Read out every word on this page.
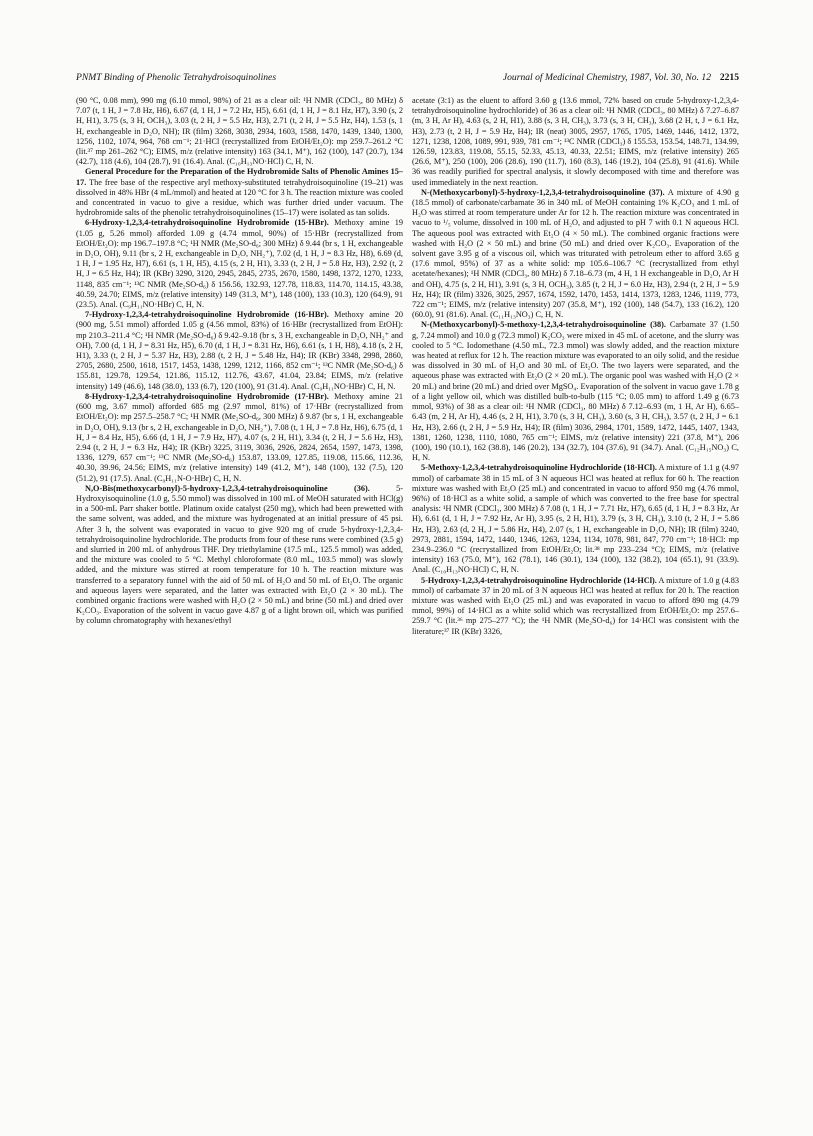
PNMT Binding of Phenolic Tetrahydroisoquinolines	Journal of Medicinal Chemistry, 1987, Vol. 30, No. 12 2215

(90 °C, 0.08 mm), 990 mg (6.10 mmol, 98%) of 21 as a clear oil: ¹H NMR (CDCl₃, 80 MHz) δ 7.07 (t, 1 H, J = 7.8 Hz, H6), 6.67 (d, 1 H, J = 7.2 Hz, H5), 6.61 (d, 1 H, J = 8.1 Hz, H7), 3.90 (s, 2 H, H1), 3.75 (s, 3 H, OCH₃), 3.03 (t, 2 H, J = 5.5 Hz, H3), 2.71 (t, 2 H, J = 5.5 Hz, H4), 1.53 (s, 1 H, exchangeable in D₂O, NH); IR (film) 3268, 3038, 2934, 1603, 1588, 1470, 1439, 1340, 1300, 1256, 1102, 1074, 964, 768 cm⁻¹; 21·HCl (recrystallized from EtOH/Et₂O): mp 259.7–261.2 °C (lit.³⁷ mp 261–262 °C); EIMS, m/z (relative intensity) 163 (34.1, M⁺), 162 (100), 147 (20.7), 134 (42.7), 118 (4.6), 104 (28.7), 91 (16.4). Anal. (C₁₀H₁₃NO·HCl) C, H, N.

General Procedure for the Preparation of the Hydrobromide Salts of Phenolic Amines 15–17. The free base of the respective aryl methoxy-substituted tetrahydroisoquinoline (19–21) was dissolved in 48% HBr (4 mL/mmol) and heated at 120 °C for 3 h. The reaction mixture was cooled and concentrated in vacuo to give a residue, which was further dried under vacuum. The hydrobromide salts of the phenolic tetrahydroisoquinolines (15–17) were isolated as tan solids.

6-Hydroxy-1,2,3,4-tetrahydroisoquinoline Hydrobromide (15·HBr). Methoxy amine 19 (1.05 g, 5.26 mmol) afforded 1.09 g (4.74 mmol, 90%) of 15·HBr (recrystallized from EtOH/Et₂O): mp 196.7–197.8 °C; ¹H NMR (Me₂SO-d₆; 300 MHz) δ 9.44 (br s, 1 H, exchangeable in D₂O, OH), 9.11 (br s, 2 H, exchangeable in D₂O, NH₂⁺), 7.02 (d, 1 H, J = 8.3 Hz, H8), 6.69 (d, 1 H, J = 1.95 Hz, H7), 6.61 (s, 1 H, H5), 4.15 (s, 2 H, H1), 3.33 (t, 2 H, J = 5.8 Hz, H3), 2.92 (t, 2 H, J = 6.5 Hz, H4); IR (KBr) 3290, 3120, 2945, 2845, 2735, 2670, 1580, 1498, 1372, 1270, 1233, 1148, 835 cm⁻¹; ¹³C NMR (Me₂SO-d₆) δ 156.56, 132.93, 127.78, 118.83, 114.70, 114.15, 43.38, 40.59, 24.70; EIMS, m/z (relative intensity) 149 (31.3, M⁺), 148 (100), 133 (10.3), 120 (64.9), 91 (23.5). Anal. (C₉H₁₁NO·HBr) C, H, N.

7-Hydroxy-1,2,3,4-tetrahydroisoquinoline Hydrobromide (16·HBr). Methoxy amine 20 (900 mg, 5.51 mmol) afforded 1.05 g (4.56 mmol, 83%) of 16·HBr (recrystallized from EtOH): mp 210.3–211.4 °C; ¹H NMR (Me₂SO-d₆) δ 9.42–9.18 (br s, 3 H, exchangeable in D₂O, NH₂⁺ and OH), 7.00 (d, 1 H, J = 8.31 Hz, H5), 6.70 (d, 1 H, J = 8.31 Hz, H6), 6.61 (s, 1 H, H8), 4.18 (s, 2 H, H1), 3.33 (t, 2 H, J = 5.37 Hz, H3), 2.88 (t, 2 H, J = 5.48 Hz, H4); IR (KBr) 3348, 2998, 2860, 2705, 2680, 2500, 1618, 1517, 1453, 1438, 1299, 1212, 1166, 852 cm⁻¹; ¹³C NMR (Me₂SO-d₆) δ 155.81, 129.78, 129.54, 121.86, 115.12, 112.76, 43.67, 41.04, 23.84; EIMS, m/z (relative intensity) 149 (46.6), 148 (38.0), 133 (6.7), 120 (100), 91 (31.4). Anal. (C₉H₁₁NO·HBr) C, H, N.

8-Hydroxy-1,2,3,4-tetrahydroisoquinoline Hydrobromide (17·HBr). Methoxy amine 21 (600 mg, 3.67 mmol) afforded 685 mg (2.97 mmol, 81%) of 17·HBr (recrystallized from EtOH/Et₂O): mp 257.5–258.7 °C; ¹H NMR (Me₂SO-d₆, 300 MHz) δ 9.87 (br s, 1 H, exchangeable in D₂O, OH), 9.13 (br s, 2 H, exchangeable in D₂O, NH₂⁺), 7.08 (t, 1 H, J = 7.8 Hz, H6), 6.75 (d, 1 H, J = 8.4 Hz, H5), 6.66 (d, 1 H, J = 7.9 Hz, H7), 4.07 (s, 2 H, H1), 3.34 (t, 2 H, J = 5.6 Hz, H3), 2.94 (t, 2 H, J = 6.3 Hz, H4); IR (KBr) 3225, 3119, 3036, 2926, 2824, 2654, 1597, 1473, 1398, 1336, 1279, 657 cm⁻¹; ¹³C NMR (Me₂SO-d₆) 153.87, 133.09, 127.85, 119.08, 115.66, 112.36, 40.30, 39.96, 24.56; EIMS, m/z (relative intensity) 149 (41.2, M⁺), 148 (100), 132 (7.5), 120 (51.2), 91 (17.5). Anal. (C₉H₁₁N-O·HBr) C, H, N.

N,O-Bis(methoxycarbonyl)-5-hydroxy-1,2,3,4-tetrahydroisoquinoline (36).	5-Hydroxyisoquinoline (1.0 g, 5.50 mmol) was dissolved in 100 mL of MeOH saturated with HCl(g) in a 500-mL Parr shaker bottle. Platinum oxide catalyst (250 mg), which had been prewetted with the same solvent, was added, and the mixture was hydrogenated at an initial pressure of 45 psi. After 3 h, the solvent was evaporated in vacuo to give 920 mg of crude 5-hydroxy-1,2,3,4-tetrahydroisoquinoline hydrochloride. The products from four of these runs were combined (3.5 g) and slurried in 200 mL of anhydrous THF. Dry triethylamine (17.5 mL, 125.5 mmol) was added, and the mixture was cooled to 5 °C. Methyl chloroformate (8.0 mL, 103.5 mmol) was slowly added, and the mixture was stirred at room temperature for 10 h. The reaction mixture was transferred to a separatory funnel with the aid of 50 mL of H₂O and 50 mL of Et₂O. The organic and aqueous layers were separated, and the latter was extracted with Et₂O (2 × 30 mL). The combined organic fractions were washed with H₂O (2 × 50 mL) and brine (50 mL) and dried over K₂CO₃. Evaporation of the solvent in vacuo gave 4.87 g of a light brown oil, which was purified by column chromatography with hexanes/ethyl

acetate (3:1) as the eluent to afford 3.60 g (13.6 mmol, 72% based on crude 5-hydroxy-1,2,3,4-tetrahydroisoquinoline hydrochloride) of 36 as a clear oil: ¹H NMR (CDCl₃, 80 MHz) δ 7.27–6.87 (m, 3 H, Ar H), 4.63 (s, 2 H, H1), 3.88 (s, 3 H, CH₃), 3.73 (s, 3 H, CH₃), 3.68 (2 H, t, J = 6.1 Hz, H3), 2.73 (t, 2 H, J = 5.9 Hz, H4); IR (neat) 3005, 2957, 1765, 1705, 1469, 1446, 1412, 1372, 1271, 1238, 1208, 1089, 991, 939, 781 cm⁻¹; ¹³C NMR (CDCl₃) δ 155.53, 153.54, 148.71, 134.99, 126.59, 123.83, 119.08, 55.15, 52.33, 45.13, 40.33, 22.51; EIMS, m/z (relative intensity) 265 (26.6, M⁺), 250 (100), 206 (28.6), 190 (11.7), 160 (8.3), 146 (19.2), 104 (25.8), 91 (41.6). While 36 was readily purified for spectral analysis, it slowly decomposed with time and therefore was used immediately in the next reaction.

N-(Methoxycarbonyl)-5-hydroxy-1,2,3,4-tetrahydroisoquinoline (37). A mixture of 4.90 g (18.5 mmol) of carbonate/carbamate 36 in 340 mL of MeOH containing 1% K₂CO₃ and 1 mL of H₂O was stirred at room temperature under Ar for 12 h. The reaction mixture was concentrated in vacuo to ¹/₅ volume, dissolved in 100 mL of H₂O, and adjusted to pH 7 with 0.1 N aqueous HCl. The aqueous pool was extracted with Et₂O (4 × 50 mL). The combined organic fractions were washed with H₂O (2 × 50 mL) and brine (50 mL) and dried over K₂CO₃. Evaporation of the solvent gave 3.95 g of a viscous oil, which was triturated with petroleum ether to afford 3.65 g (17.6 mmol, 95%) of 37 as a white solid: mp 105.6–106.7 °C (recrystallized from ethyl acetate/hexanes); ¹H NMR (CDCl₃, 80 MHz) δ 7.18–6.73 (m, 4 H, 1 H exchangeable in D₂O, Ar H and OH), 4.75 (s, 2 H, H1), 3.91 (s, 3 H, OCH₃), 3.85 (t, 2 H, J = 6.0 Hz, H3), 2.94 (t, 2 H, J = 5.9 Hz, H4); IR (film) 3326, 3025, 2957, 1674, 1592, 1470, 1453, 1414, 1373, 1283, 1246, 1119, 773, 722 cm⁻¹; EIMS, m/z (relative intensity) 207 (35.8, M⁺), 192 (100), 148 (54.7), 133 (16.2), 120 (60.0), 91 (81.6). Anal. (C₁₁H₁₃NO₃) C, H, N.

N-(Methoxycarbonyl)-5-methoxy-1,2,3,4-tetrahydroisoquinoline (38). Carbamate 37 (1.50 g, 7.24 mmol) and 10.0 g (72.3 mmol) K₂CO₃ were mixed in 45 mL of acetone, and the slurry was cooled to 5 °C. Iodomethane (4.50 mL, 72.3 mmol) was slowly added, and the reaction mixture was heated at reflux for 12 h. The reaction mixture was evaporated to an oily solid, and the residue was dissolved in 30 mL of H₂O and 30 mL of Et₂O. The two layers were separated, and the aqueous phase was extracted with Et₂O (2 × 20 mL). The organic pool was washed with H₂O (2 × 20 mL) and brine (20 mL) and dried over MgSO₄. Evaporation of the solvent in vacuo gave 1.78 g of a light yellow oil, which was distilled bulb-to-bulb (115 °C; 0.05 mm) to afford 1.49 g (6.73 mmol, 93%) of 38 as a clear oil: ¹H NMR (CDCl₃, 80 MHz) δ 7.12–6.93 (m, 1 H, Ar H), 6.65–6.43 (m, 2 H, Ar H), 4.46 (s, 2 H, H1), 3.70 (s, 3 H, CH₃), 3.60 (s, 3 H, CH₃), 3.57 (t, 2 H, J = 6.1 Hz, H3), 2.66 (t, 2 H, J = 5.9 Hz, H4); IR (film) 3036, 2984, 1701, 1589, 1472, 1445, 1407, 1343, 1381, 1260, 1238, 1110, 1080, 765 cm⁻¹; EIMS, m/z (relative intensity) 221 (37.8, M⁺), 206 (100), 190 (10.1), 162 (38.8), 146 (20.2), 134 (32.7), 104 (37.6), 91 (34.7). Anal. (C₁₂H₁₅NO₃) C, H, N.

5-Methoxy-1,2,3,4-tetrahydroisoquinoline Hydrochloride (18·HCl). A mixture of 1.1 g (4.97 mmol) of carbamate 38 in 15 mL of 3 N aqueous HCl was heated at reflux for 60 h. The reaction mixture was washed with Et₂O (25 mL) and concentrated in vacuo to afford 950 mg (4.76 mmol, 96%) of 18·HCl as a white solid, a sample of which was converted to the free base for spectral analysis: ¹H NMR (CDCl₃, 300 MHz) δ 7.08 (t, 1 H, J = 7.71 Hz, H7), 6.65 (d, 1 H, J = 8.3 Hz, Ar H), 6.61 (d, 1 H, J = 7.92 Hz, Ar H), 3.95 (s, 2 H, H1), 3.79 (s, 3 H, CH₃), 3.10 (t, 2 H, J = 5.86 Hz, H3), 2.63 (d, 2 H, J = 5.86 Hz, H4), 2.07 (s, 1 H, exchangeable in D₂O, NH); IR (film) 3240, 2973, 2881, 1594, 1472, 1440, 1346, 1263, 1234, 1134, 1078, 981, 847, 770 cm⁻¹; 18·HCl: mp 234.9–236.0 °C (recrystallized from EtOH/Et₂O; lit.³⁸ mp 233–234 °C); EIMS, m/z (relative intensity) 163 (75.0, M⁺), 162 (78.1), 146 (30.1), 134 (100), 132 (38.2), 104 (65.1), 91 (33.9). Anal. (C₁₀H₁₃NO·HCl) C, H, N.

5-Hydroxy-1,2,3,4-tetrahydroisoquinoline Hydrochloride (14·HCl). A mixture of 1.0 g (4.83 mmol) of carbamate 37 in 20 mL of 3 N aqueous HCl was heated at reflux for 20 h. The reaction mixture was washed with Et₂O (25 mL) and was evaporated in vacuo to afford 890 mg (4.79 mmol, 99%) of 14·HCl as a white solid which was recrystallized from EtOH/Et₂O: mp 257.6–259.7 °C (lit.³⁶ mp 275–277 °C); the ¹H NMR (Me₂SO-d₆) for 14·HCl was consistent with the literature;³⁷ IR (KBr) 3326,
